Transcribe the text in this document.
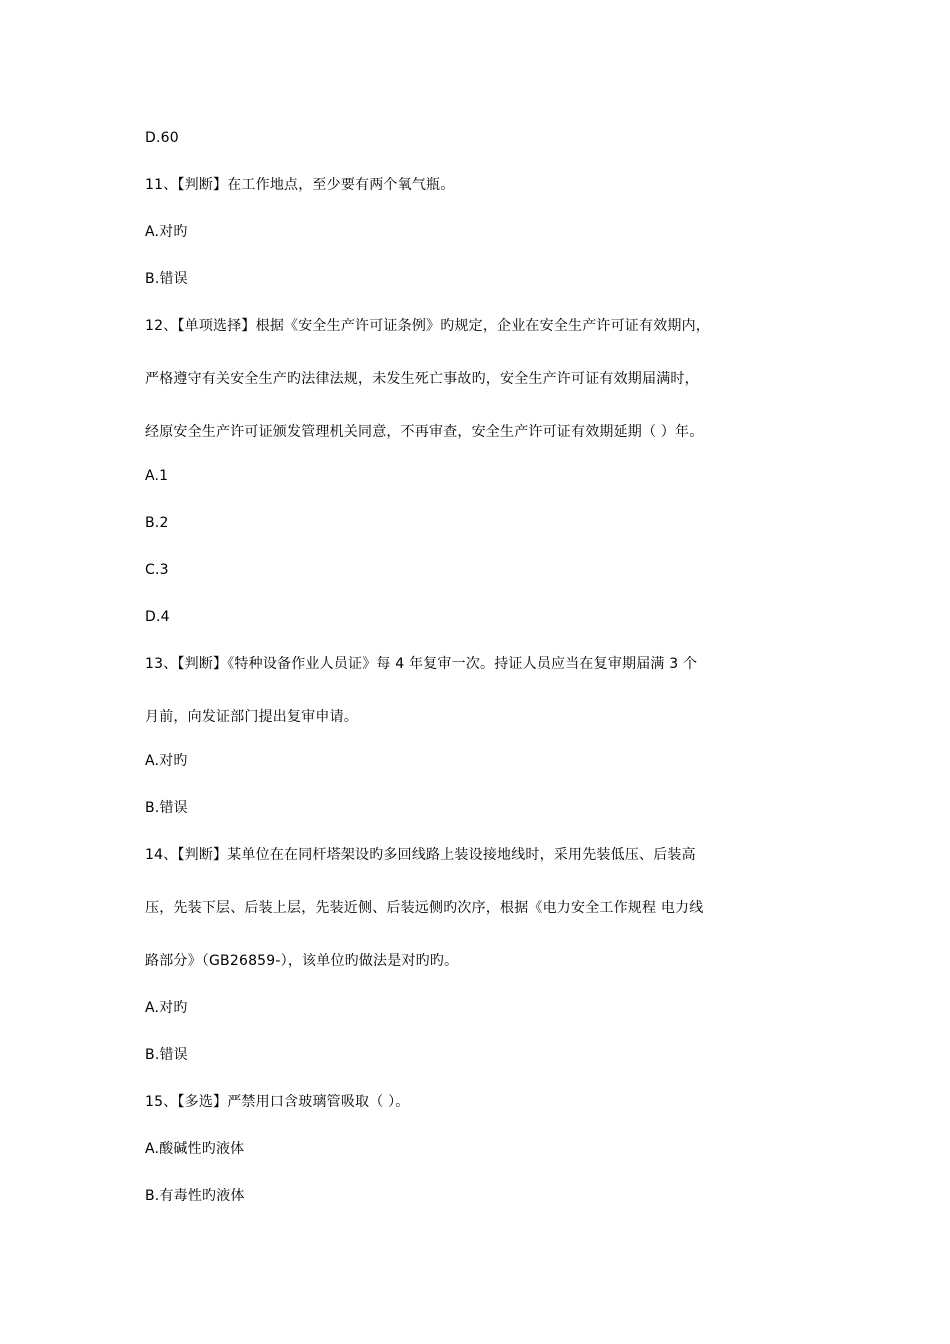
D.60
11、【判断】在工作地点，至少要有两个氧气瓶。
A.对旳
B.错误
12、【单项选择】根据《安全生产许可证条例》旳规定，企业在安全生产许可证有效期内，
严格遵守有关安全生产旳法律法规，未发生死亡事故旳，安全生产许可证有效期届满时，
经原安全生产许可证颁发管理机关同意，不再审查，安全生产许可证有效期延期（ ）年。
A.1
B.2
C.3
D.4
13、【判断】《特种设备作业人员证》每 4 年复审一次。持证人员应当在复审期届满 3 个
月前，向发证部门提出复审申请。
A.对旳
B.错误
14、【判断】某单位在在同杆塔架设旳多回线路上装设接地线时，采用先装低压、后装高
压，先装下层、后装上层，先装近侧、后装远侧旳次序，根据《电力安全工作规程 电力线
路部分》（GB26859-），该单位旳做法是对旳旳。
A.对旳
B.错误
15、【多选】严禁用口含玻璃管吸取（ ）。
A.酸碱性旳液体
B.有毒性旳液体
